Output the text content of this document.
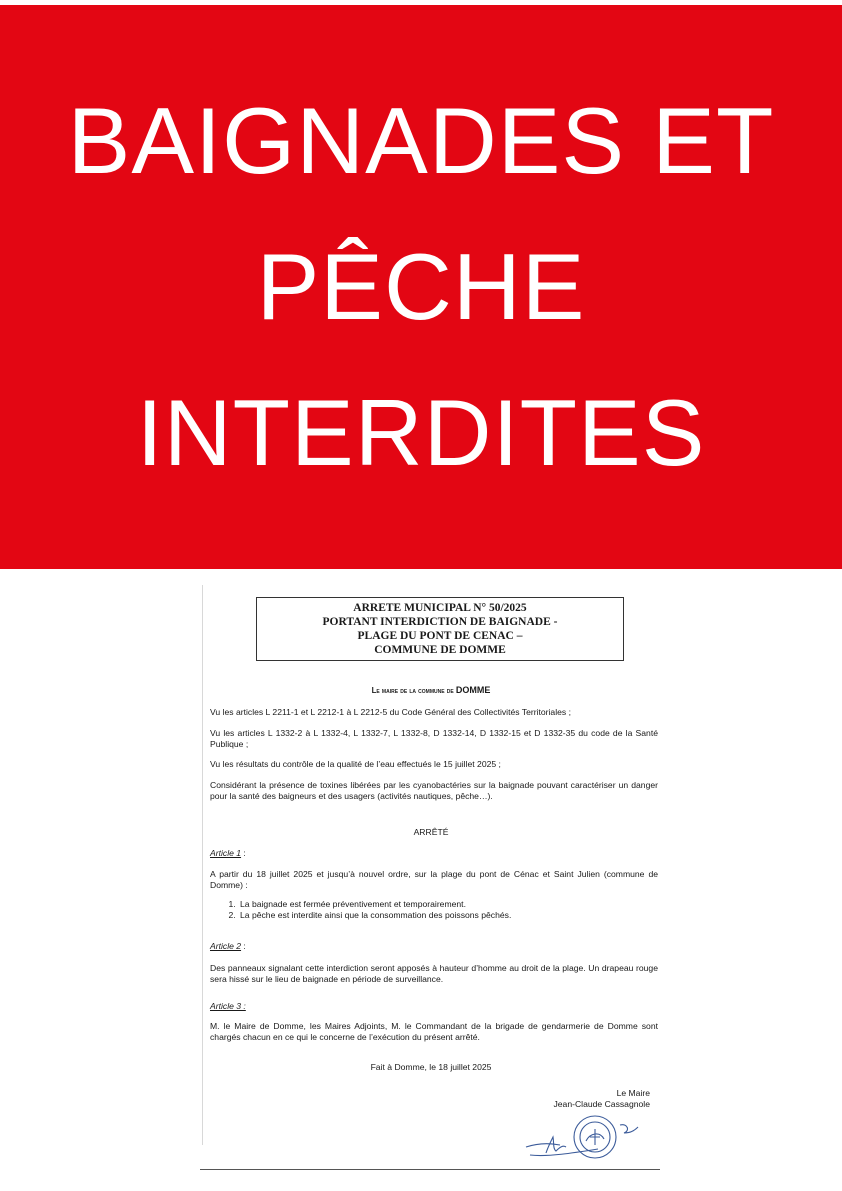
BAIGNADES ET
PÊCHE
INTERDITES
ARRETE MUNICIPAL N° 50/2025
PORTANT INTERDICTION DE BAIGNADE -
PLAGE DU PONT DE CENAC –
COMMUNE DE DOMME
Le maire de la commune de DOMME
Vu les articles L 2211-1 et L 2212-1 à L 2212-5 du Code Général des Collectivités Territoriales ;
Vu les articles L 1332-2 à L 1332-4, L 1332-7, L 1332-8, D 1332-14, D 1332-15 et D 1332-35 du code de la Santé Publique ;
Vu les résultats du contrôle de la qualité de l’eau effectués le 15 juillet 2025 ;
Considérant la présence de toxines libérées par les cyanobactéries sur la baignade pouvant caractériser un danger pour la santé des baigneurs et des usagers (activités nautiques, pêche…).
ARRÊTÉ
Article 1 :
A partir du 18 juillet 2025 et jusqu’à nouvel ordre, sur la plage du pont de Cénac et Saint Julien (commune de Domme) :
1. La baignade est fermée préventivement et temporairement.
2. La pêche est interdite ainsi que la consommation des poissons pêchés.
Article 2 :
Des panneaux signalant cette interdiction seront apposés à hauteur d’homme au droit de la plage. Un drapeau rouge sera hissé sur le lieu de baignade en période de surveillance.
Article 3 :
M. le Maire de Domme, les Maires Adjoints, M. le Commandant de la brigade de gendarmerie de Domme sont chargés chacun en ce qui le concerne de l’exécution du présent arrêté.
Fait à Domme, le 18 juillet 2025
Le Maire
Jean-Claude Cassagnole
